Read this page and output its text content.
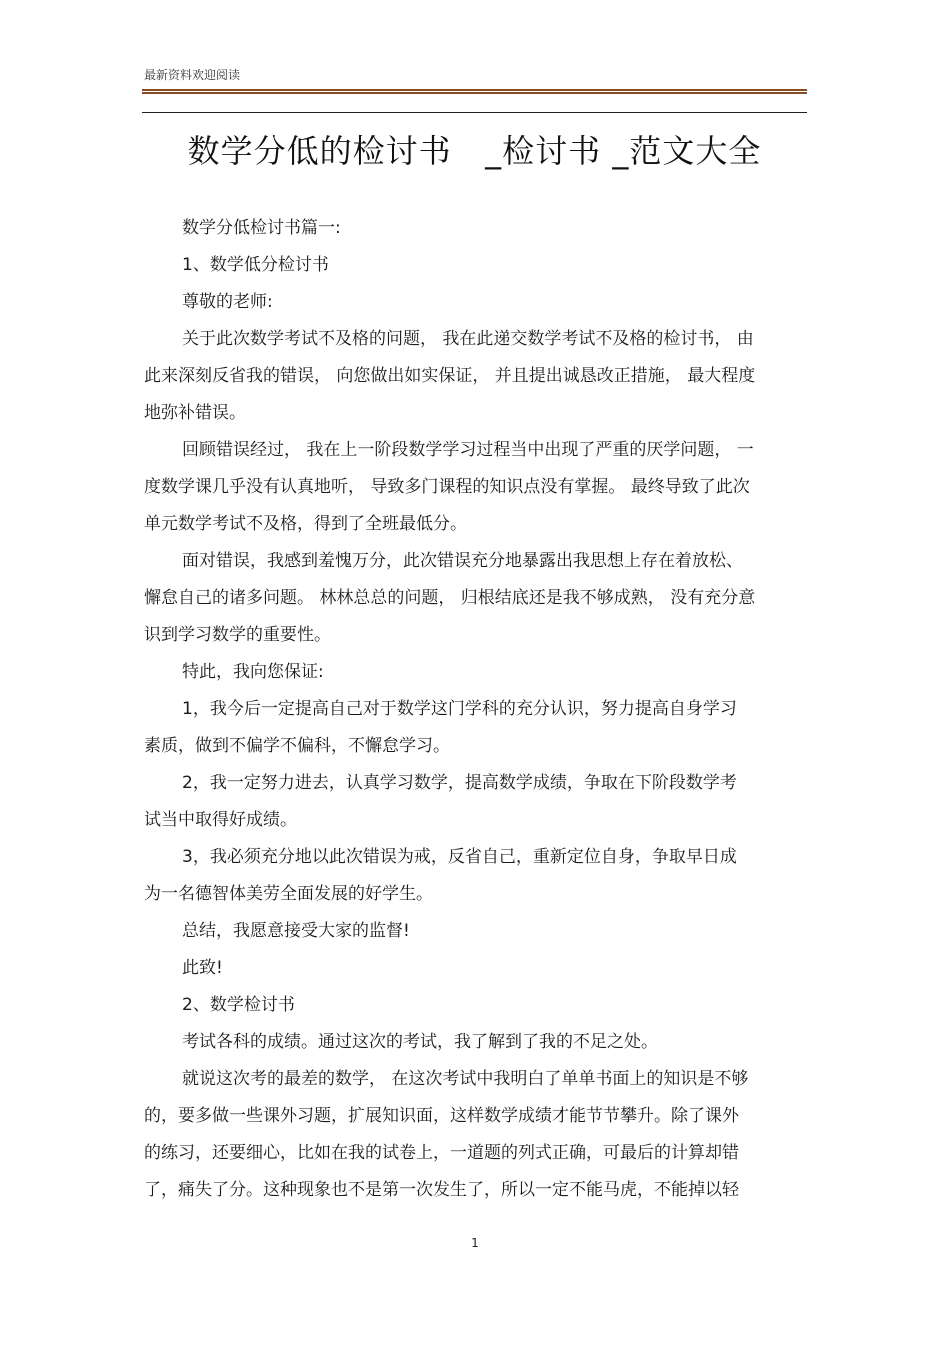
最新资料欢迎阅读
数学分低的检讨书   _检讨书 _范文大全
数学分低检讨书篇一:
1、数学低分检讨书
尊敬的老师:
关于此次数学考试不及格的问题， 我在此递交数学考试不及格的检讨书， 由
此来深刻反省我的错误， 向您做出如实保证， 并且提出诚恳改正措施， 最大程度
地弥补错误。
回顾错误经过， 我在上一阶段数学学习过程当中出现了严重的厌学问题， 一
度数学课几乎没有认真地听， 导致多门课程的知识点没有掌握。 最终导致了此次
单元数学考试不及格，得到了全班最低分。
面对错误，我感到羞愧万分，此次错误充分地暴露出我思想上存在着放松、
懈怠自己的诸多问题。 林林总总的问题， 归根结底还是我不够成熟， 没有充分意
识到学习数学的重要性。
特此，我向您保证:
1，我今后一定提高自己对于数学这门学科的充分认识，努力提高自身学习
素质，做到不偏学不偏科，不懈怠学习。
2，我一定努力进去，认真学习数学，提高数学成绩，争取在下阶段数学考
试当中取得好成绩。
3，我必须充分地以此次错误为戒，反省自己，重新定位自身，争取早日成
为一名德智体美劳全面发展的好学生。
总结，我愿意接受大家的监督!
此致!
2、数学检讨书
考试各科的成绩。通过这次的考试，我了解到了我的不足之处。
就说这次考的最差的数学， 在这次考试中我明白了单单书面上的知识是不够
的，要多做一些课外习题，扩展知识面，这样数学成绩才能节节攀升。除了课外
的练习，还要细心，比如在我的试卷上，一道题的列式正确，可最后的计算却错
了，痛失了分。这种现象也不是第一次发生了，所以一定不能马虎，不能掉以轻
1
